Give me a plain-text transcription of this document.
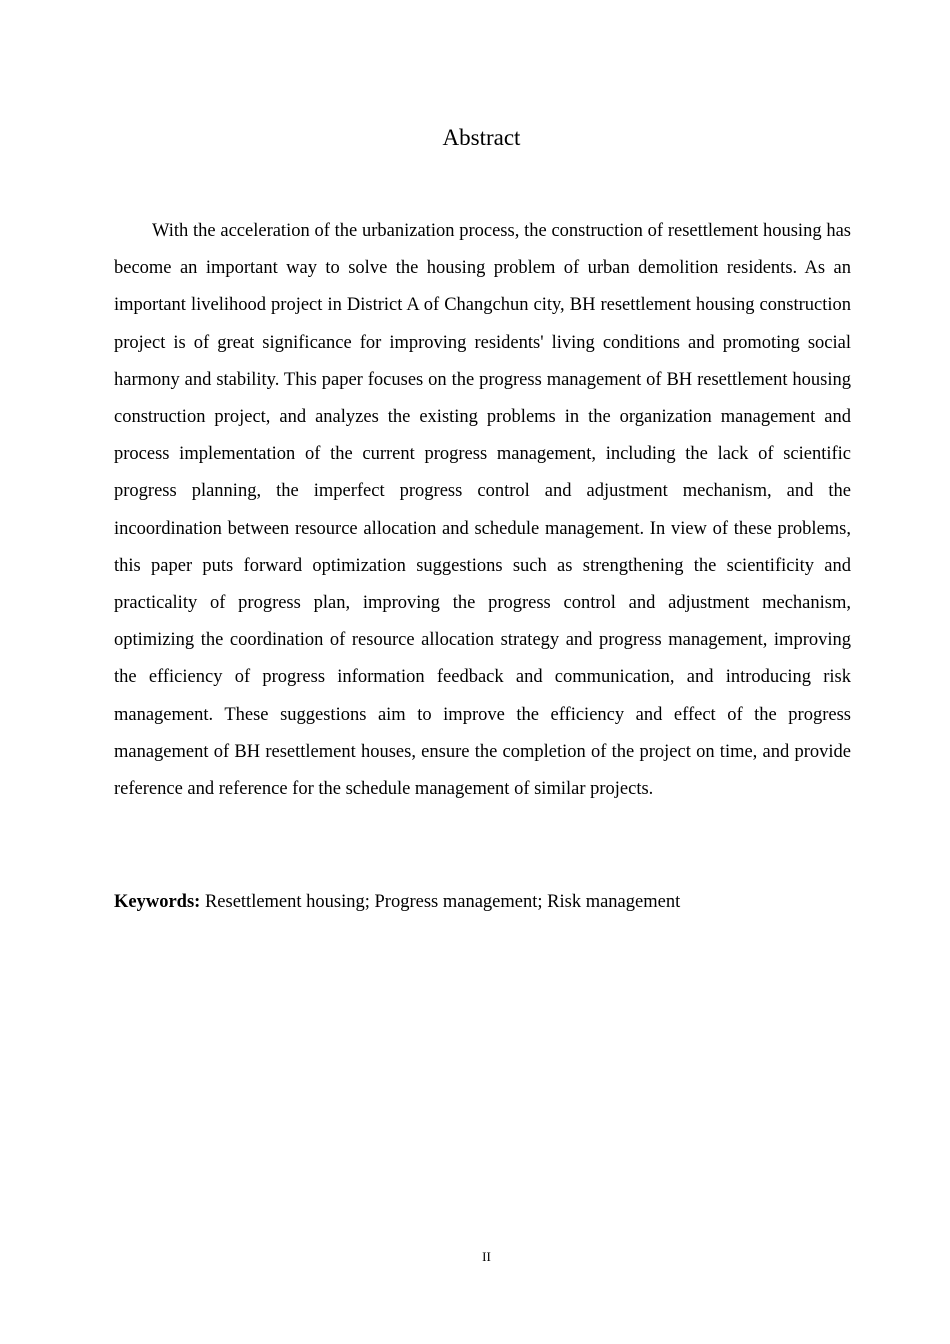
Abstract

With the acceleration of the urbanization process, the construction of resettlement housing has become an important way to solve the housing problem of urban demolition residents. As an important livelihood project in District A of Changchun city, BH resettlement housing construction project is of great significance for improving residents' living conditions and promoting social harmony and stability. This paper focuses on the progress management of BH resettlement housing construction project, and analyzes the existing problems in the organization management and process implementation of the current progress management, including the lack of scientific progress planning, the imperfect progress control and adjustment mechanism, and the incoordination between resource allocation and schedule management. In view of these problems, this paper puts forward optimization suggestions such as strengthening the scientificity and practicality of progress plan, improving the progress control and adjustment mechanism, optimizing the coordination of resource allocation strategy and progress management, improving the efficiency of progress information feedback and communication, and introducing risk management. These suggestions aim to improve the efficiency and effect of the progress management of BH resettlement houses, ensure the completion of the project on time, and provide reference and reference for the schedule management of similar projects.

Keywords: Resettlement housing; Progress management; Risk management

II
